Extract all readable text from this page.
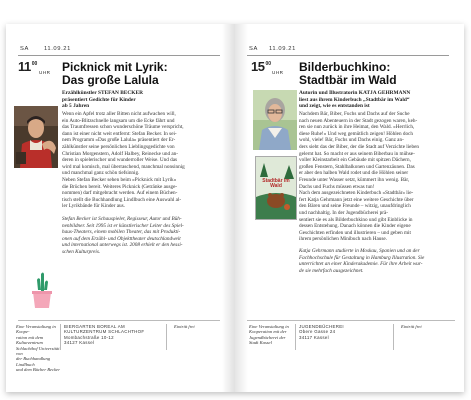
SA	11.09.21
$11^{00}$
UHR Picknick mit Lyrik:
Das große Lalula
Erzählkünstler STEFAN BECKER
präsentiert Gedichte für Kinder
ab 5 Jahren
Wenn ein Apfel trotz aller Bitten nicht aufwachen will,
ein Auto-Blitzschnelle langsam um die Ecke fährt und
das Traumfressen schon wunderschöne Träume verspricht,
dann ist einer nicht weit entfernt: Stefan Becker. In sei-
nem Programm »Das große Lalula« präsentiert der Er-
zählkünstler seine persönlichen Lieblingsgedichte von
Christian Morgenstern, Adolf Halbey, Reinecke und an-
deren in spielerischer und wunderroller Weise. Und das
wird mal komisch, mal überraschend, manchmal nonsinnig
und manchmal ganz schön tiefsinnig.
Neben Stefan Becker sehen beim »Picknick mit Lyrik«
die Brüchen bereit. Weiteres Picknick (Getränke ausge-
nommen) darf mitgebracht werden. Auf einem Büchen-
tisch stellt die Buchhandlung Lindlbuch eine Auswahl al-
ler Lyrikbände für Kinder aus.
Stefan Becker ist Schauspieler, Regisseur, Autor und Büh-
nenbildner. Seit 1995 ist er künstlerischer Leiter des Spiel-
haus-Theaters, einem mobilen Theater, das mit Produkti-
onen auf dem Erzähl- und Objekttheater deutschlandweit
und international unterwegs ist. 2008 erhielt er den hessi-
schen Kulturpreis.
Eine Veranstaltung in Koope-
ration mit dem Kulturzentrum
Schlachthof Universität von
der Buchhandlung Lindlbuch
und dem Bücher Becker
BIERGARTEN BOREAL AM
KULTURZENTRUM SCHLACHTHOF
Mombachstraße 10-12
34127 Kassel
Eintritt frei
SA 11.09.21
$15^{00}$
UHR Bilderbuchkino:
Stadtbär im Wald
Autorin und Illustratorin KATJA GEHRMANN
liest aus ihrem Kinderbuch „Stadtbär im Wald“
und zeigt, wie es entstanden ist
Stadtbär im Wald
Nachdem Bär, Biber, Fuchs und Dachs auf der Suche
nach neuen Abenteuern in der Stadt gezogen waren, keh-
ren sie nun zurück in ihre Heimat, den Wald. »Herrlich,
diese Ruhe!« Und weg gemütlich zeigen! Höhlen doch
wohl, viele! Bär, Fuchs und Dachs einig. Ganz an-
ders sieht das der Biber, der die Stadt auf Verzichte lieben
gelernt hat. So macht er aus seinem Biberbau in mühse-
voller Kleinstarbeit ein Gebäude mit spitzen Dächern,
großen Fenstern, Stahlbalkonen und Gartenzäunen. Das
er aber den halben Wald rodet und die Höhlen seiner
Freunde unter Wasser setzt, kümmert ihn wenig. Bär,
Dachs und Fuchs müssen etwas tun!
Nach dem ausgezeichneten Kinderbuch »Stadtbär« lie-
fert Katja Gehrmann jetzt eine weitere Geschichte über
den Bären und seine Freunde – witzig, unaufdringlich
und nachhaltig. In der Jugendbücherei prä-
sentiert sie es als Bilderbuchkino und gibt Einblicke in
dessen Entstehung. Danach können die Kinder eigene
Geschichten erfinden und illustrieren – und geben mit
ihrem persönlichen Minibuch nach Hause.
Katja Gehrmann studierte in Moskau, Spanien und an der
Fachhochschule für Gestaltung in Hamburg Illustration. Sie
unterrichtet an einer Kinderakademie. Für ihre Arbeit wur-
de sie mehrfach ausgezeichnet.
Eine Veranstaltung in
Kooperation mit der
Jugendbücherei der
Stadt Kassel
JUGENDBÜCHEREI
Obere Gasse 24
34117 Kassel
Eintritt frei
